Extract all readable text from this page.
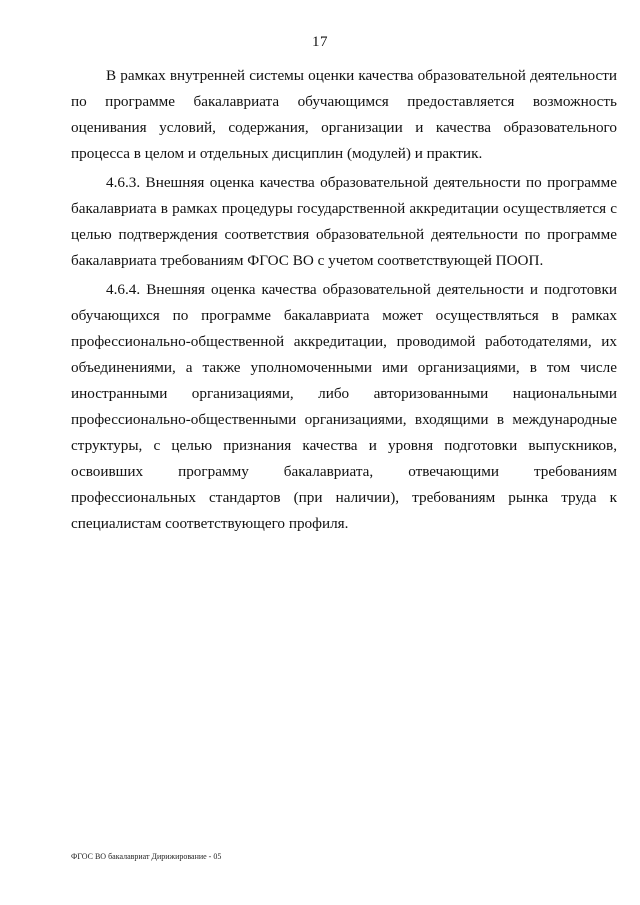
17

В рамках внутренней системы оценки качества образовательной деятельности по программе бакалавриата обучающимся предоставляется возможность оценивания условий, содержания, организации и качества образовательного процесса в целом и отдельных дисциплин (модулей) и практик.

4.6.3. Внешняя оценка качества образовательной деятельности по программе бакалавриата в рамках процедуры государственной аккредитации осуществляется с целью подтверждения соответствия образовательной деятельности по программе бакалавриата требованиям ФГОС ВО с учетом соответствующей ПООП.

4.6.4. Внешняя оценка качества образовательной деятельности и подготовки обучающихся по программе бакалавриата может осуществляться в рамках профессионально-общественной аккредитации, проводимой работодателями, их объединениями, а также уполномоченными ими организациями, в том числе иностранными организациями, либо авторизованными национальными профессионально-общественными организациями, входящими в международные структуры, с целью признания качества и уровня подготовки выпускников, освоивших программу бакалавриата, отвечающими требованиям профессиональных стандартов (при наличии), требованиям рынка труда к специалистам соответствующего профиля.

ФГОС ВО бакалавриат Дирижирование - 05
